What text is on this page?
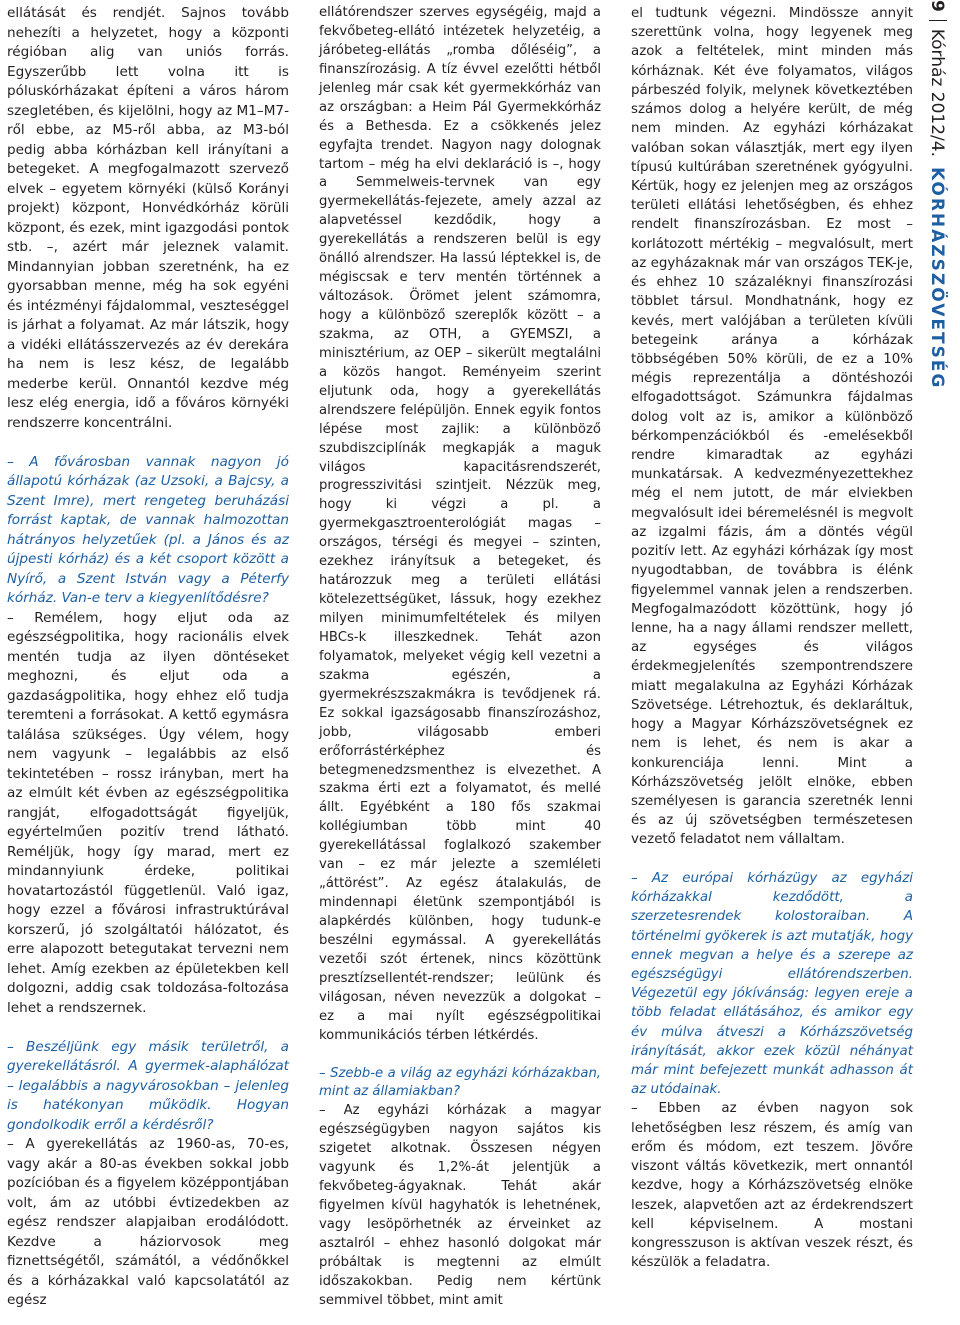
ellátását és rendjét. Sajnos tovább nehezíti a helyzetet, hogy a központi régióban alig van uniós forrás. Egyszerűbb lett volna itt is póluskórházakat építeni a város három szegletében, és kijelölni, hogy az M1–M7-ről ebbe, az M5-ről abba, az M3-ból pedig abba kórházban kell irányítani a betegeket. A megfogalmazott szervező elvek – egyetem környéki (külső Korányi projekt) központ, Honvédkórház körüli központ, és ezek, mint igazgodási pontok stb. –, azért már jeleznek valamit. Mindannyian jobban szeretnénk, ha ez gyorsabban menne, még ha sok egyéni és intézményi fájdalommal, veszteséggel is járhat a folyamat. Az már látszik, hogy a vidéki ellátásszervezés az év derekára ha nem is lesz kész, de legalább mederbe kerül. Onnantól kezdve még lesz elég energia, idő a főváros környéki rendszerre koncentrálni.

– A fővárosban vannak nagyon jó állapotú kórházak (az Uzsoki, a Bajcsy, a Szent Imre), mert rengeteg beruházási forrást kaptak, de vannak halmozottan hátrányos helyzetűek (pl. a János és az újpesti kórház) és a két csoport között a Nyírő, a Szent István vagy a Péterfy kórház. Van-e terv a kiegyenlítődésre?

– Remélem, hogy eljut oda az egészségpolitika, hogy racionális elvek mentén tudja az ilyen döntéseket meghozni, és eljut oda a gazdaságpolitika, hogy ehhez elő tudja teremteni a forrásokat. A kettő egymásra találása szükséges. Úgy vélem, hogy nem vagyunk – legalábbis az első tekintetében – rossz irányban, mert ha az elmúlt két évben az egészségpolitika rangját, elfogadottságát figyeljük, egyértelműen pozitív trend látható. Reméljük, hogy így marad, mert ez mindannyiunk érdeke, politikai hovatartozástól függetlenül. Való igaz, hogy ezzel a fővárosi infrastruktúrával korszerű, jó szolgáltatói hálózatot, és erre alapozott betegutakat tervezni nem lehet. Amíg ezekben az épületekben kell dolgozni, addig csak toldozása-foltozása lehet a rendszernek.

– Beszéljünk egy másik területről, a gyerekellátásról. A gyermek-alaphálózat – legalábbis a nagyvárosokban – jelenleg is hatékonyan működik. Hogyan gondolkodik erről a kérdésről?

– A gyerekellátás az 1960-as, 70-es, vagy akár a 80-as években sokkal jobb pozícióban és a figyelem középpontjában volt, ám az utóbbi évtizedekben az egész rendszer alapjaiban erodálódott. Kezdve a háziorvosok meg fiznettségétől, számától, a védőnőkkel és a kórházakkal való kapcsolatától az egész

ellátórendszer szerves egységéig, majd a fekvőbeteg-ellátó intézetek helyzetéig, a járóbeteg-ellátás „romba dőléséig”, a finanszírozásig. A tíz évvel ezelőtti hétből jelenleg már csak két gyermekkórház van az országban: a Heim Pál Gyermekkórház és a Bethesda. Ez a csökkenés jelez egyfajta trendet. Nagyon nagy dolognak tartom – még ha elvi deklaráció is –, hogy a Semmelweis-tervnek van egy gyermekellátás-fejezete, amely azzal az alapvetéssel kezdődik, hogy a gyerekellátás a rendszeren belül is egy önálló alrendszer. Ha lassú léptekkel is, de mégiscsak e terv mentén történnek a változások. Örömet jelent számomra, hogy a különböző szereplők között – a szakma, az OTH, a GYEMSZI, a minisztérium, az OEP – sikerült megtalálni a közös hangot. Reményeim szerint eljutunk oda, hogy a gyerekellátás alrendszere felépüljön. Ennek egyik fontos lépése most zajlik: a különböző szubdiszciplínák megkapják a maguk világos kapacitásrendszerét, progresszivitási szintjeit. Nézzük meg, hogy ki végzi a pl. a gyermekgasztroenterológiát magas – országos, térségi és megyei – szinten, ezekhez irányítsuk a betegeket, és határozzuk meg a területi ellátási kötelezettségüket, lássuk, hogy ezekhez milyen minimumfeltételek és milyen HBCs-k illeszkednek. Tehát azon folyamatok, melyeket végig kell vezetni a szakma egészén, a gyermekrészszakmákra is tevődjenek rá. Ez sokkal igazságosabb finanszírozáshoz, jobb, világosabb emberi erőforrástérképhez és betegmenedzsmenthez is elvezethet. A szakma érti ezt a folyamatot, és mellé állt. Egyébként a 180 fős szakmai kollégiumban több mint 40 gyerekellátással foglalkozó szakember van – ez már jelezte a szemléleti „áttörést”. Az egész átalakulás, de mindennapi életünk szempontjából is alapkérdés különben, hogy tudunk-e beszélni egymással. A gyerekellátás vezetői szót értenek, nincs közöttünk presztízsellentét-rendszer; leülünk és világosan, néven nevezzük a dolgokat – ez a mai nyílt egészségpolitikai kommunikációs térben létkérdés.

– Szebb-e a világ az egyházi kórházakban, mint az államiakban?

– Az egyházi kórházak a magyar egészségügyben nagyon sajátos kis szigetet alkotnak. Összesen négyen vagyunk és 1,2%-át jelentjük a fekvőbeteg-ágyaknak. Tehát akár figyelmen kívül hagyhatók is lehetnének, vagy lesöpörhetnék az érveinket az asztalról – ehhez hasonló dolgokat már próbáltak is megtenni az elmúlt időszakokban. Pedig nem kértünk semmivel többet, mint amit

el tudtunk végezni. Mindössze annyit szerettünk volna, hogy legyenek meg azok a feltételek, mint minden más kórháznak. Két éve folyamatos, világos párbeszéd folyik, melynek következtében számos dolog a helyére került, de még nem minden. Az egyházi kórházakat valóban sokan választják, mert egy ilyen típusú kultúrában szeretnének gyógyulni. Kértük, hogy ez jelenjen meg az országos területi ellátási lehetőségben, és ehhez rendelt finanszírozásban. Ez most – korlátozott mértékig – megvalósult, mert az egyházaknak már van országos TEK-je, és ehhez 10 százaléknyi finanszírozási többlet társul. Mondhatnánk, hogy ez kevés, mert valójában a területen kívüli betegeink aránya a kórházak többségében 50% körüli, de ez a 10% mégis reprezentálja a döntéshozói elfogadottságot. Számunkra fájdalmas dolog volt az is, amikor a különböző bérkompenzációkból és -emelésekből rendre kimaradtak az egyházi munkatársak. A kedvezményezettekhez még el nem jutott, de már elviekben megvalósult idei béremelésnél is megvolt az izgalmi fázis, ám a döntés végül pozitív lett. Az egyházi kórházak így most nyugodtabban, de továbbra is élénk figyelemmel vannak jelen a rendszerben. Megfogalmazódott közöttünk, hogy jó lenne, ha a nagy állami rendszer mellett, az egységes és világos érdekmegjelenítés szempontrendszere miatt megalakulna az Egyházi Kórházak Szövetsége. Létrehoztuk, és deklaráltuk, hogy a Magyar Kórházszövetségnek ez nem is lehet, és nem is akar a konkurenciája lenni. Mint a Kórházszövetség jelölt elnöke, ebben személyesen is garancia szeretnék lenni és az új szövetségben természetesen vezető feladatot nem vállaltam.

– Az európai kórházügy az egyházi kórházakkal kezdődött, a szerzetesrendek kolostoraiban. A történelmi gyökerek is azt mutatják, hogy ennek megvan a helye és a szerepe az egészségügyi ellátórendszerben. Végezetül egy jókívánság: legyen ereje a több feladat ellátásához, és amikor egy év múlva átveszi a Kórházszövetség irányítását, akkor ezek közül néhányat már mint befejezett munkát adhasson át az utódainak.

– Ebben az évben nagyon sok lehetőségben lesz részem, és amíg van erőm és módom, ezt teszem. Jövőre viszont váltás következik, mert onnantól kezdve, hogy a Kórházszövetség elnöke leszek, alapvetően azt az érdekrendszert kell képviselnem. A mostani kongresszuson is aktívan veszek részt, és készülök a feladatra.

9Kórház 2012/4.KÓRHÁZSZÖVETSÉG
